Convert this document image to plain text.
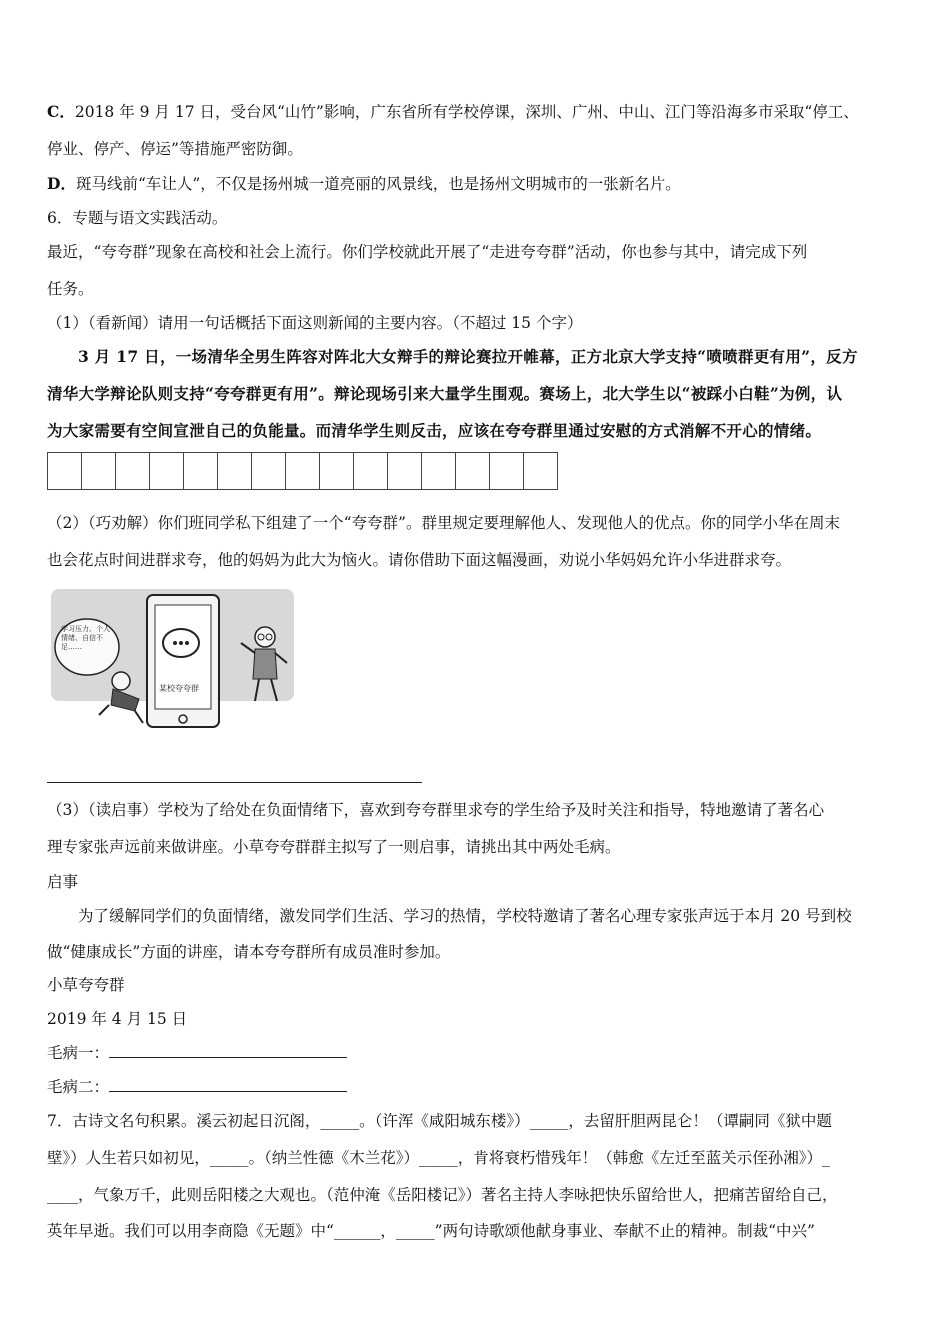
C．2018 年 9 月 17 日，受台风“山竹”影响，广东省所有学校停课，深圳、广州、中山、江门等沿海多市采取“停工、
停业、停产、停运”等措施严密防御。
D．斑马线前“车让人”，不仅是扬州城一道亮丽的风景线，也是扬州文明城市的一张新名片。
6．专题与语文实践活动。
最近，“夸夸群”现象在高校和社会上流行。你们学校就此开展了“走进夸夸群”活动，你也参与其中，请完成下列
任务。
（1）（看新闻）请用一句话概括下面这则新闻的主要内容。（不超过 15 个字）
3 月 17 日，一场清华全男生阵容对阵北大女辩手的辩论赛拉开帷幕，正方北京大学支持“喷喷群更有用”，反方
清华大学辩论队则支持“夸夸群更有用”。辩论现场引来大量学生围观。赛场上，北大学生以“被踩小白鞋”为例，认
为大家需要有空间宣泄自己的负能量。而清华学生则反击，应该在夸夸群里通过安慰的方式消解不开心的情绪。
（2）（巧劝解）你们班同学私下组建了一个“夸夸群”。群里规定要理解他人、发现他人的优点。你的同学小华在周末
也会花点时间进群求夸，他的妈妈为此大为恼火。请你借助下面这幅漫画，劝说小华妈妈允许小华进群求夸。
某校夸夸群
学习压力、个人情绪、自信不足……
（3）（读启事）学校为了给处在负面情绪下，喜欢到夸夸群里求夸的学生给予及时关注和指导，特地邀请了著名心
理专家张声远前来做讲座。小草夸夸群群主拟写了一则启事，请挑出其中两处毛病。
启事
为了缓解同学们的负面情绪，激发同学们生活、学习的热情，学校特邀请了著名心理专家张声远于本月 20 号到校
做“健康成长”方面的讲座，请本夸夸群所有成员准时参加。
小草夸夸群
2019 年 4 月 15 日
毛病一：
毛病二：
7．古诗文名句积累。溪云初起日沉阁，_____。（许浑《咸阳城东楼》）_____，去留肝胆两昆仑！（谭嗣同《狱中题
壁》）人生若只如初见，_____。（纳兰性德《木兰花》）_____，肯将衰朽惜残年！（韩愈《左迁至蓝关示侄孙湘》）_
____，气象万千，此则岳阳楼之大观也。（范仲淹《岳阳楼记》）著名主持人李咏把快乐留给世人，把痛苦留给自己，
英年早逝。我们可以用李商隐《无题》中“______，_____”两句诗歌颂他献身事业、奉献不止的精神。制裁“中兴”
